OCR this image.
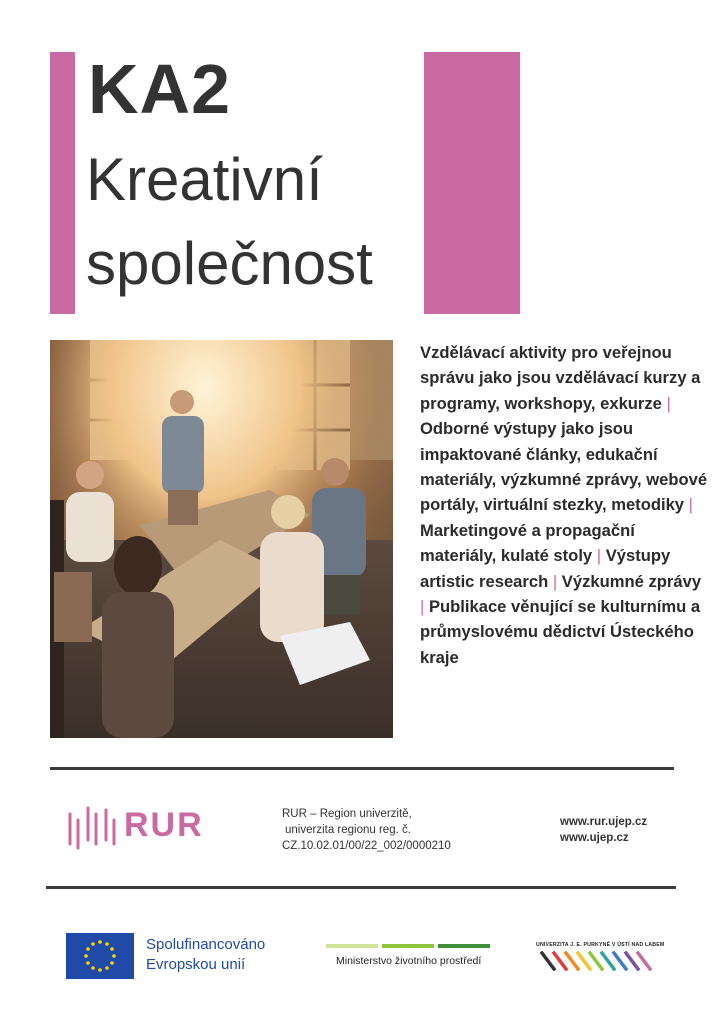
KA2
Kreativní
společnost
Vzdělávací aktivity pro veřejnou správu jako jsou vzdělávací kurzy a programy, workshopy, exkurze | Odborné výstupy jako jsou impaktované články, edukační materiály, výzkumné zprávy, webové portály, virtuální stezky, metodiky | Marketingové a propagační materiály, kulaté stoly | Výstupy artistic research | Výzkumné zprávy
| Publikace věnující se kulturnímu a průmyslovému dědictví Ústeckého kraje
RUR	RUR – Region univerzitě,
univerzita regionu reg. č.
CZ.10.02.01/00/22_002/0000210
www.rur.ujep.cz
www.ujep.cz
Spolufinancováno
Evropskou unií	Ministerstvo životního prostředí
UNIVERZITA J. E. PURKYNĚ V ÚSTÍ NAD LABEM
